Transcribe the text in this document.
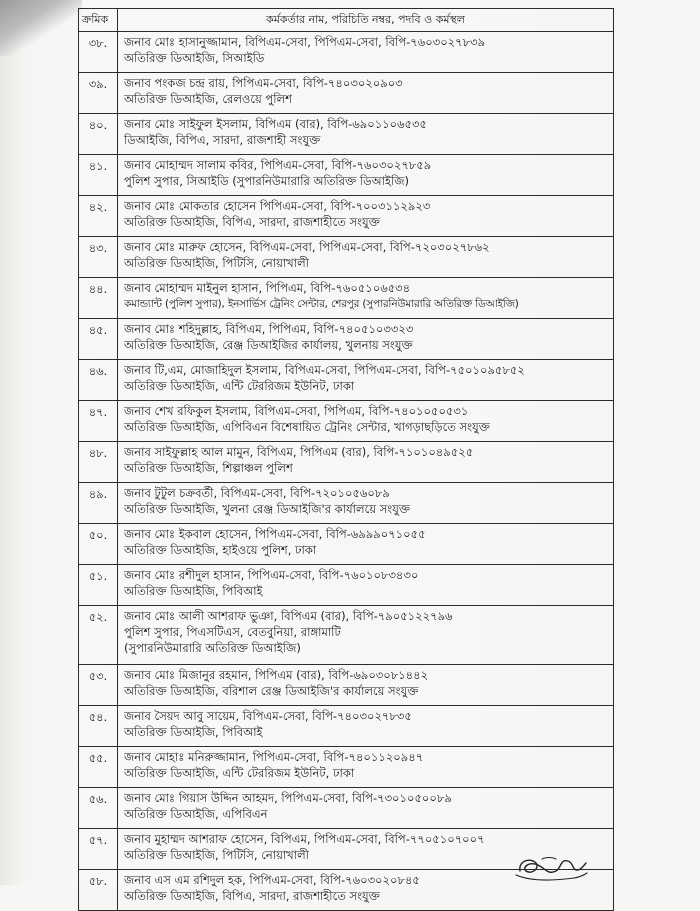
ক্রমিক	কর্মকর্তার নাম, পরিচিতি নম্বর, পদবি ও কর্মস্থল
৩৮.	জনাব মোঃ হাসানুজ্জামান, বিপিএম-সেবা, পিপিএম-সেবা, বিপি-৭৬০৩০২৭৮৩৯
অতিরিক্ত ডিআইজি, সিআইডি

৩৯.	জনাব পংকজ চন্দ্র রায়, পিপিএম-সেবা, বিপি-৭৪০৩০২০৯০৩
অতিরিক্ত ডিআইজি, রেলওয়ে পুলিশ

৪০.	জনাব মোঃ সাইফুল ইসলাম, বিপিএম (বার), বিপি-৬৯০১১০৬৫৩৫
ডিআইজি, বিপিএ, সারদা, রাজশাহী সংযুক্ত

৪১.	জনাব মোহাম্মদ সালাম কবির, পিপিএম-সেবা, বিপি-৭৬০৩০২৭৮৫৯
পুলিশ সুপার, সিআইডি (সুপারনিউমারারি অতিরিক্ত ডিআইজি)

৪২.	জনাব মোঃ মোকতার হোসেন পিপিএম-সেবা, বিপি-৭০০৩১১২৯২৩
অতিরিক্ত ডিআইজি, বিপিএ, সারদা, রাজশাহীতে সংযুক্ত

৪৩.	জনাব মোঃ মারুফ হোসেন, বিপিএম-সেবা, পিপিএম-সেবা, বিপি-৭২০৩০২৭৮৬২
অতিরিক্ত ডিআইজি, পিটিসি, নোয়াখালী

৪৪.	জনাব মোহাম্মদ মাইনুল হাসান, পিপিএম, বিপি-৭৬০৫১০৬৫৩৪
কমান্ড্যান্ট (পুলিশ সুপার), ইনসার্ভিস ট্রেনিং সেন্টার, শেরপুর (সুপারনিউমারারি অতিরিক্ত ডিআইজি)

৪৫.	জনাব মোঃ শহিদুল্লাহ, বিপিএম, পিপিএম, বিপি-৭৪০৫১০৩৩২৩
অতিরিক্ত ডিআইজি, রেঞ্জ ডিআইজির কার্যালয়, খুলনায় সংযুক্ত

৪৬.	জনাব টি,এম, মোজাহিদুল ইসলাম, বিপিএম-সেবা, পিপিএম-সেবা, বিপি-৭৫০১০৯৫৮৫২
অতিরিক্ত ডিআইজি, এন্টি টেররিজম ইউনিট, ঢাকা

৪৭.	জনাব শেখ রফিকুল ইসলাম, বিপিএম-সেবা, পিপিএম, বিপি-৭৪০১০৫০৫৩১
অতিরিক্ত ডিআইজি, এপিবিএন বিশেষায়িত ট্রেনিং সেন্টার, খাগড়াছড়িতে সংযুক্ত

৪৮.	জনাব সাইফুল্লাহ আল মামুন, বিপিএম, পিপিএম (বার), বিপি-৭১০১০৪৯৫২৫
অতিরিক্ত ডিআইজি, শিল্পাঞ্চল পুলিশ

৪৯.	জনাব টুটুল চক্রবর্তী, বিপিএম-সেবা, বিপি-৭২০১০৫৬০৮৯
অতিরিক্ত ডিআইজি, খুলনা রেঞ্জ ডিআইজি'র কার্যালয়ে সংযুক্ত

৫০.	জনাব মোঃ ইকবাল হোসেন, পিপিএম-সেবা, বিপি-৬৯৯৯০৭১০৫৫
অতিরিক্ত ডিআইজি, হাইওয়ে পুলিশ, ঢাকা

৫১.	জনাব মোঃ রশীদুল হাসান, পিপিএম-সেবা, বিপি-৭৬০১০৮৩৪৩০
অতিরিক্ত ডিআইজি, পিবিআই

৫২.	জনাব মোঃ আলী আশরাফ ভুঞা, বিপিএম (বার), বিপি-৭৯০৫১২২৭৯৬
পুলিশ সুপার, পিএসটিএস, বেতবুনিয়া, রাঙ্গামাটি
(সুপারনিউমারারি অতিরিক্ত ডিআইজি)

৫৩.	জনাব মোঃ মিজানুর রহমান, পিপিএম (বার), বিপি-৬৯০৩০৮১৪৪২
অতিরিক্ত ডিআইজি, বরিশাল রেঞ্জ ডিআইজি'র কার্যালয়ে সংযুক্ত

৫৪.	জনাব সৈয়দ আবু সায়েম, বিপিএম-সেবা, বিপি-৭৪০৩০২৭৮৩৫
অতিরিক্ত ডিআইজি, পিবিআই

৫৫.	জনাব মোহাঃ মনিরুজ্জামান, পিপিএম-সেবা, বিপি-৭৪০১১২০৯৪৭
অতিরিক্ত ডিআইজি, এন্টি টেররিজম ইউনিট, ঢাকা

৫৬.	জনাব মোঃ গিয়াস উদ্দিন আহমদ, পিপিএম-সেবা, বিপি-৭৩০১০৫০০৮৯
অতিরিক্ত ডিআইজি, এপিবিএন

৫৭.	জনাব মুহাম্মদ আশরাফ হোসেন, বিপিএম, পিপিএম-সেবা, বিপি-৭৭০৫১০৭০০৭
অতিরিক্ত ডিআইজি, পিটিসি, নোয়াখালী

৫৮.	জনাব এস এম রশিদুল হক, পিপিএম-সেবা, বিপি-৭৬০৩০২০৮৪৫
অতিরিক্ত ডিআইজি, বিপিএ, সারদা, রাজশাহীতে সংযুক্ত
